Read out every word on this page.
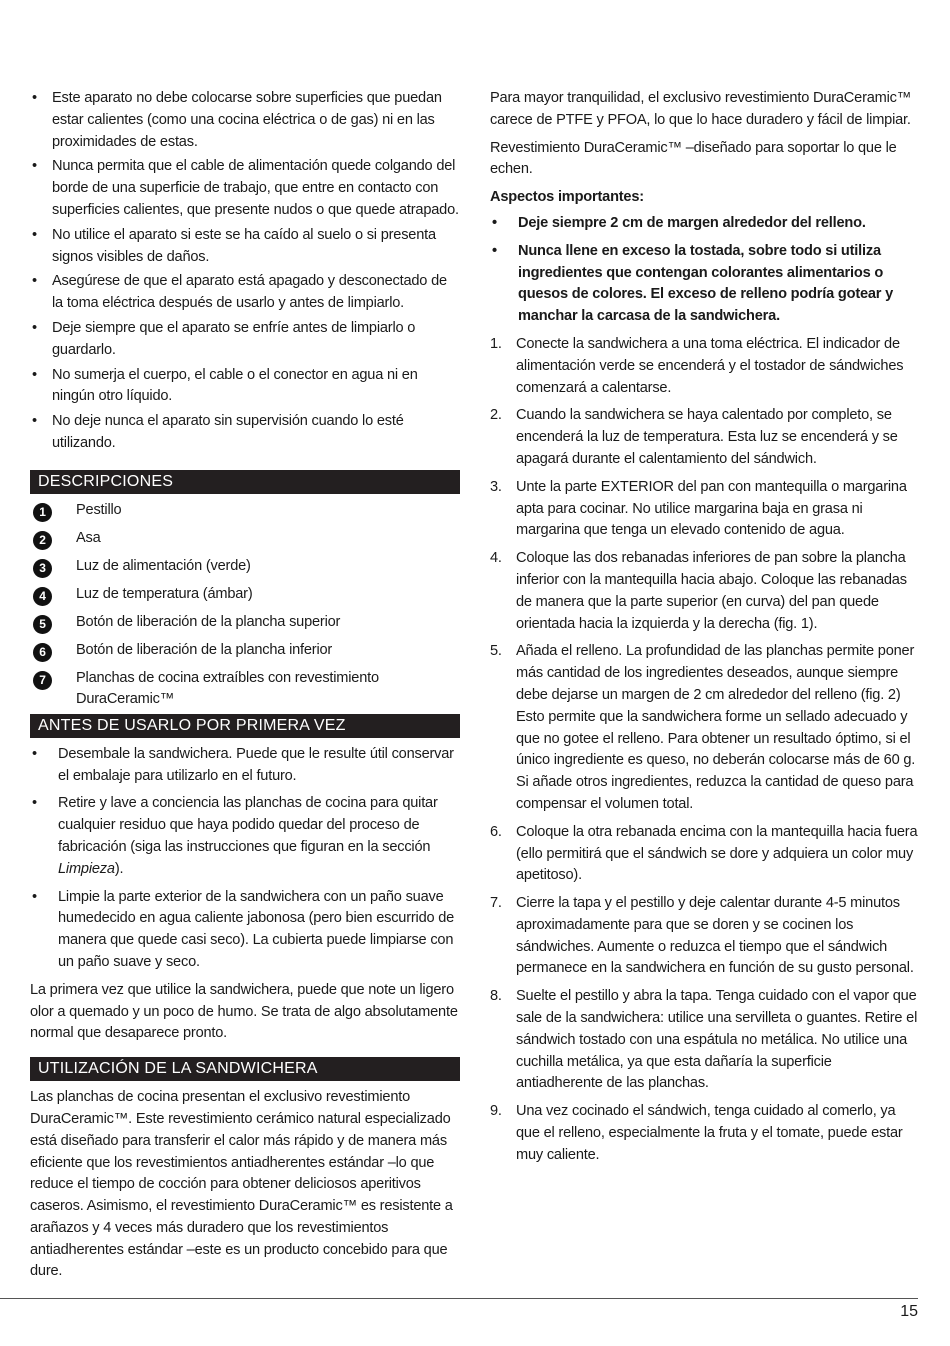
• Este aparato no debe colocarse sobre superficies que puedan estar calientes (como una cocina eléctrica o de gas) ni en las proximidades de estas.
• Nunca permita que el cable de alimentación quede colgando del borde de una superficie de trabajo, que entre en contacto con superficies calientes, que presente nudos o que quede atrapado.
• No utilice el aparato si este se ha caído al suelo o si presenta signos visibles de daños.
• Asegúrese de que el aparato está apagado y desconectado de la toma eléctrica después de usarlo y antes de limpiarlo.
• Deje siempre que el aparato se enfríe antes de limpiarlo o guardarlo.
• No sumerja el cuerpo, el cable o el conector en agua ni en ningún otro líquido.
• No deje nunca el aparato sin supervisión cuando lo esté utilizando.
DESCRIPCIONES
1	Pestillo
2	Asa
3	Luz de alimentación (verde)
4	Luz de temperatura (ámbar)
5	Botón de liberación de la plancha superior
6	Botón de liberación de la plancha inferior
7	Planchas de cocina extraíbles con revestimiento DuraCeramic™
ANTES DE USARLO POR PRIMERA VEZ
• Desembale la sandwichera. Puede que le resulte útil conservar el embalaje para utilizarlo en el futuro.
• Retire y lave a conciencia las planchas de cocina para quitar cualquier residuo que haya podido quedar del proceso de fabricación (siga las instrucciones que figuran en la sección Limpieza).
• Limpie la parte exterior de la sandwichera con un paño suave humedecido en agua caliente jabonosa (pero bien escurrido de manera que quede casi seco). La cubierta puede limpiarse con un paño suave y seco.

La primera vez que utilice la sandwichera, puede que note un ligero olor a quemado y un poco de humo. Se trata de algo absolutamente normal que desaparece pronto.

UTILIZACIÓN DE LA SANDWICHERA

Las planchas de cocina presentan el exclusivo revestimiento DuraCeramic™. Este revestimiento cerámico natural especializado está diseñado para transferir el calor más rápido y de manera más eficiente que los revestimientos antiadherentes estándar –lo que reduce el tiempo de cocción para obtener deliciosos aperitivos caseros. Asimismo, el revestimiento DuraCeramic™ es resistente a arañazos y 4 veces más duradero que los revestimientos antiadherentes estándar –este es un producto concebido para que dure.

Para mayor tranquilidad, el exclusivo revestimiento DuraCeramic™ carece de PTFE y PFOA, lo que lo hace duradero y fácil de limpiar.

Revestimiento DuraCeramic™ –diseñado para soportar lo que le echen.

Aspectos importantes:

• Deje siempre 2 cm de margen alrededor del relleno.
• Nunca llene en exceso la tostada, sobre todo si utiliza ingredientes que contengan colorantes alimentarios o quesos de colores. El exceso de relleno podría gotear y manchar la carcasa de la sandwichera.
1. Conecte la sandwichera a una toma eléctrica. El indicador de alimentación verde se encenderá y el tostador de sándwiches comenzará a calentarse.
2. Cuando la sandwichera se haya calentado por completo, se encenderá la luz de temperatura. Esta luz se encenderá y se apagará durante el calentamiento del sándwich.
3. Unte la parte EXTERIOR del pan con mantequilla o margarina apta para cocinar. No utilice margarina baja en grasa ni margarina que tenga un elevado contenido de agua.
4. Coloque las dos rebanadas inferiores de pan sobre la plancha inferior con la mantequilla hacia abajo. Coloque las rebanadas de manera que la parte superior (en curva) del pan quede orientada hacia la izquierda y la derecha (fig. 1).
5. Añada el relleno. La profundidad de las planchas permite poner más cantidad de los ingredientes deseados, aunque siempre debe dejarse un margen de 2 cm alrededor del relleno (fig. 2) Esto permite que la sandwichera forme un sellado adecuado y que no gotee el relleno. Para obtener un resultado óptimo, si el único ingrediente es queso, no deberán colocarse más de 60 g. Si añade otros ingredientes, reduzca la cantidad de queso para compensar el volumen total.
6. Coloque la otra rebanada encima con la mantequilla hacia fuera (ello permitirá que el sándwich se dore y adquiera un color muy apetitoso).
7. Cierre la tapa y el pestillo y deje calentar durante 4-5 minutos aproximadamente para que se doren y se cocinen los sándwiches. Aumente o reduzca el tiempo que el sándwich permanece en la sandwichera en función de su gusto personal.
8. Suelte el pestillo y abra la tapa. Tenga cuidado con el vapor que sale de la sandwichera: utilice una servilleta o guantes. Retire el sándwich tostado con una espátula no metálica. No utilice una cuchilla metálica, ya que esta dañaría la superficie antiadherente de las planchas.
9. Una vez cocinado el sándwich, tenga cuidado al comerlo, ya que el relleno, especialmente la fruta y el tomate, puede estar muy caliente.
15
